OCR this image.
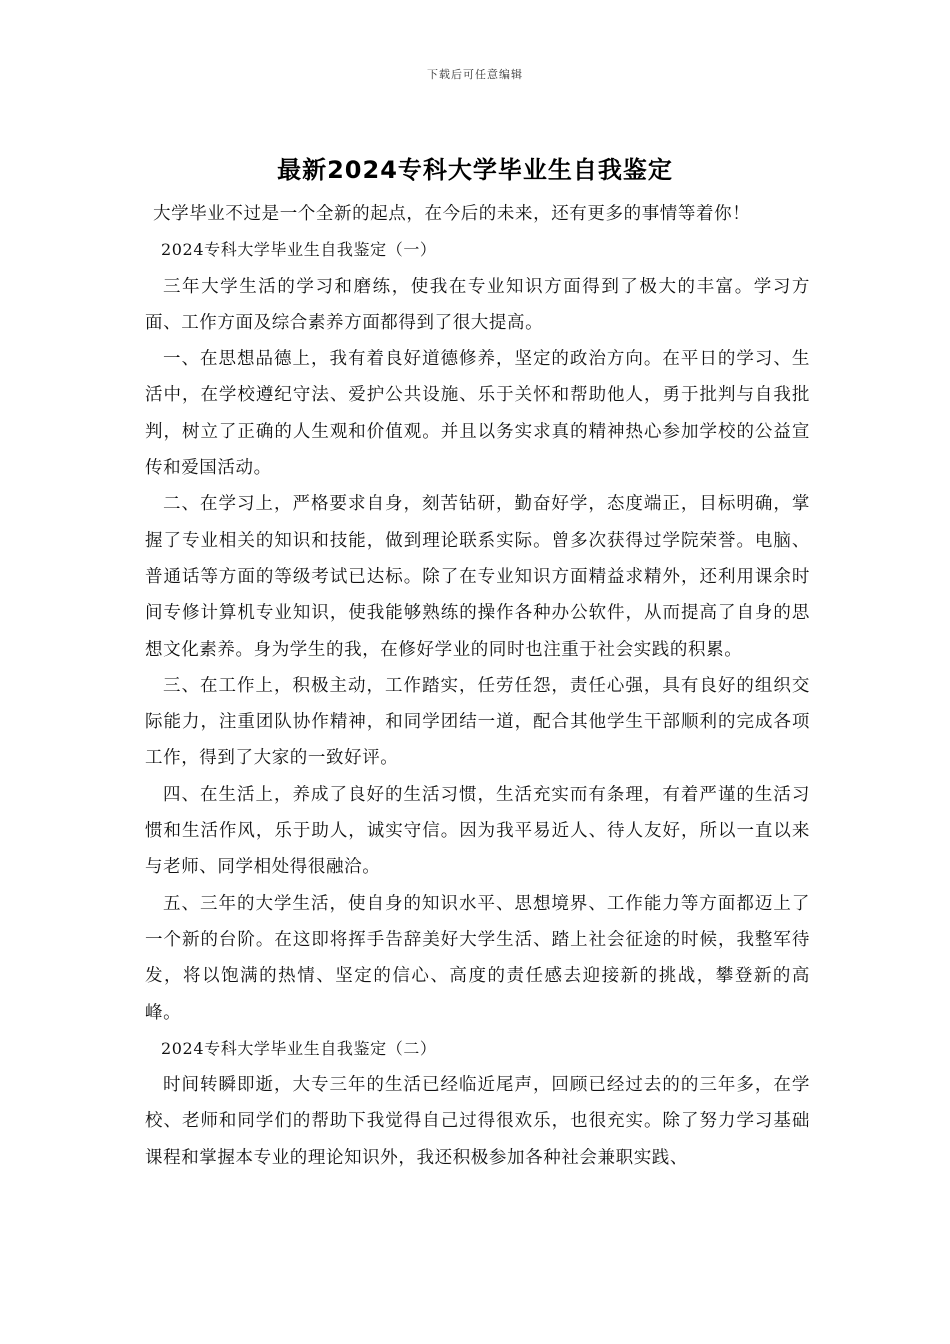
下载后可任意编辑
最新2024专科大学毕业生自我鉴定

大学毕业不过是一个全新的起点，在今后的未来，还有更多的事情等着你！

2024专科大学毕业生自我鉴定（一）

三年大学生活的学习和磨练，使我在专业知识方面得到了极大的丰富。学习方面、工作方面及综合素养方面都得到了很大提高。

一、在思想品德上，我有着良好道德修养，坚定的政治方向。在平日的学习、生活中，在学校遵纪守法、爱护公共设施、乐于关怀和帮助他人，勇于批判与自我批判，树立了正确的人生观和价值观。并且以务实求真的精神热心参加学校的公益宣传和爱国活动。

二、在学习上，严格要求自身，刻苦钻研，勤奋好学，态度端正，目标明确，掌握了专业相关的知识和技能，做到理论联系实际。曾多次获得过学院荣誉。电脑、普通话等方面的等级考试已达标。除了在专业知识方面精益求精外，还利用课余时间专修计算机专业知识，使我能够熟练的操作各种办公软件，从而提高了自身的思想文化素养。身为学生的我，在修好学业的同时也注重于社会实践的积累。

三、在工作上，积极主动，工作踏实，任劳任怨，责任心强，具有良好的组织交际能力，注重团队协作精神，和同学团结一道，配合其他学生干部顺利的完成各项工作，得到了大家的一致好评。

四、在生活上，养成了良好的生活习惯，生活充实而有条理，有着严谨的生活习惯和生活作风，乐于助人，诚实守信。因为我平易近人、待人友好，所以一直以来与老师、同学相处得很融洽。

五、三年的大学生活，使自身的知识水平、思想境界、工作能力等方面都迈上了一个新的台阶。在这即将挥手告辞美好大学生活、踏上社会征途的时候，我整军待发，将以饱满的热情、坚定的信心、高度的责任感去迎接新的挑战，攀登新的高峰。

2024专科大学毕业生自我鉴定（二）

时间转瞬即逝，大专三年的生活已经临近尾声，回顾已经过去的的三年多，在学校、老师和同学们的帮助下我觉得自己过得很欢乐，也很充实。除了努力学习基础课程和掌握本专业的理论知识外，我还积极参加各种社会兼职实践、
